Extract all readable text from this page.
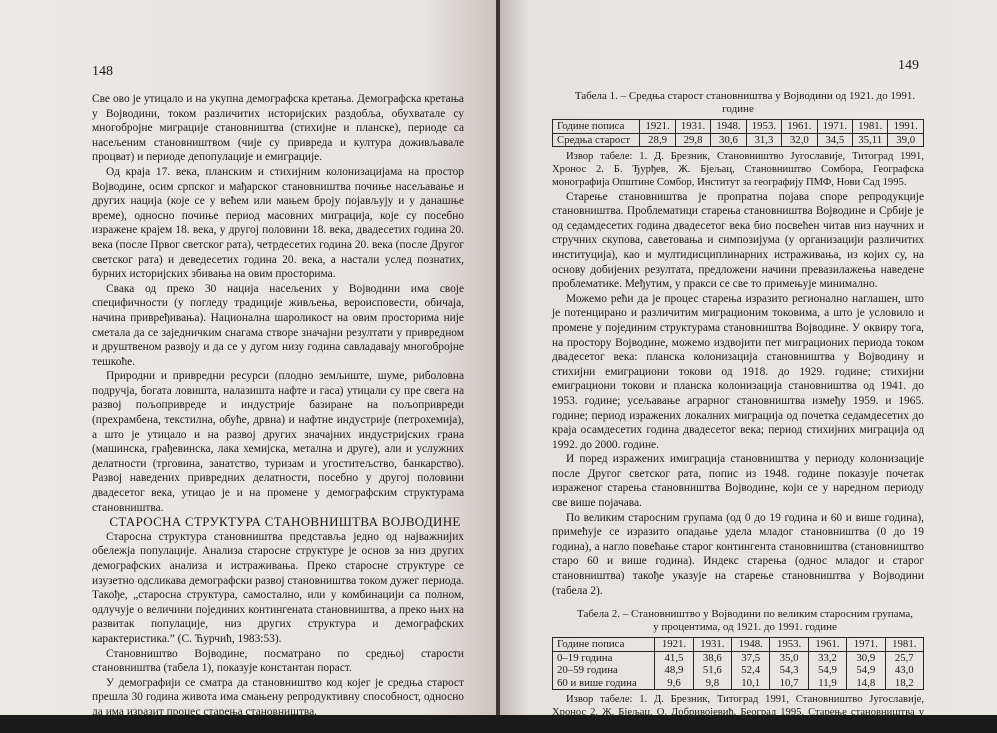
148

Све ово је утицало и на укупна демографска кретања. Демографска кретања у Војводини, током различитих историјских раздобља, обухватале су многобројне миграције становништва (стихијне и планске), периоде са насељеним становништвом (чије су привреда и култура доживљавале процват) и периоде депопулације и емиграције.

Од краја 17. века, планским и стихијним колонизацијама на простор Војводине, осим српског и мађарског становништва почиње насељавање и других нација (које се у већем или мањем броју појављују и у данашње време), односно почиње период масовних миграција, које су посебно изражене крајем 18. века, у другој половини 18. века, двадесетих година 20. века (после Првог светског рата), четрдесетих година 20. века (после Другог светског рата) и деведесетих година 20. века, а настали услед познатих, бурних историјских збивања на овим просторима.

Свака од преко 30 нација насељених у Војводини има своје специфичности (у погледу традиције живљења, вероисповести, обичаја, начина привређивања). Национална шароликост на овим просторима није сметала да се заједничким снагама створе значајни резултати у привредном и друштвеном развоју и да се у дугом низу година савладавају многобројне тешкоће.

Природни и привредни ресурси (плодно земљиште, шуме, риболовна подручја, богата ловишта, налазишта нафте и гаса) утицали су пре свега на развој пољопривреде и индустрије базиране на пољопривреди (прехрамбена, текстилна, обућe, дрвна) и нафтне индустрије (петрохемија), а што је утицало и на развој других значајних индустријских грана (машинска, грађевинска, лака хемијска, метална и друге), али и услужних делатности (трговина, занатство, туризам и угоститељство, банкарство). Развој наведених привредних делатности, посебно у другој половини двадесетог века, утицао је и на промене у демографским структурама становништва.

СТАРОСНА СТРУКТУРА СТАНОВНИШТВА ВОЈВОДИНЕ

Старосна структура становништва представља једно од најважнијих обележја популације. Анализа старосне структуре је основ за низ других демографских анализа и истраживања. Преко старосне структуре се изузетно одсликава демографски развој становништва током дужег периода. Такође, „старосна структура, самостално, или у комбинацији са полном, одлучује о величини појединих контингената становништва, а преко њих на развитак популације, низ других структура и демографских карактеристика.” (С. Ћурчић, 1983:53).

Становништво Војводине, посматрано по средњој старости становништва (табела 1), показује константан пораст.

У демографији се сматра да становништво код којег је средња старост прешла 30 година живота има смањену репродуктивну способност, односно да има изразит процес старења становништва.

149

Табела 1. – Средња старост становништва у Војводини од 1921. до 1991. године

Године пописа	1921.	1931.	1948.	1953.	1961.	1971.	1981.	1991.
Средња старост	28,9	29,8	30,6	31,3	32,0	34,5	35,11	39,0

Извор табеле: 1. Д. Брезник, Становништво Југославије, Титоград 1991, Хронос 2. Б. Ђурђев, Ж. Бјељац, Становништво Сомбора, Географска монографија Општине Сомбор, Институт за географију ПМФ, Нови Сад 1995.

Старење становништва је пропратна појава споре репродукције становништва. Проблематици старења становништва Војводине и Србије је од седамдесетих година двадесетог века био посвећен читав низ научних и стручних скупова, саветовања и симпозијума (у организацији различитих институција), као и мултидисциплинарних истраживања, из којих су, на основу добијених резултата, предложени начини превазилажења наведене проблематике. Међутим, у пракси се све то примењује минимално.

Можемо рећи да је процес старења изразито регионално наглашен, што је потенцирано и различитим миграционим токовима, а што је условило и промене у појединим структурама становништва Војводине. У оквиру тога, на простору Војводине, можемо издвојити пет миграционих периода током двадесетог века: планска колонизација становништва у Војводину и стихијни емиграциони токови од 1918. до 1929. године; стихијни емиграциони токови и планска колонизација становништва од 1941. до 1953. године; усељавање аграрног становништва између 1959. и 1965. године; период изражених локалних миграција од почетка седамдесетих до краја осамдесетих година двадесетог века; период стихијних миграција од 1992. до 2000. године.

И поред изражених имиграција становништва у периоду колонизације после Другог светског рата, попис из 1948. године показује почетак израженог старења становништва Војводине, који се у наредном периоду све више појачава.

По великим старосним групама (од 0 до 19 година и 60 и више година), примећује се изразито опадање удела младог становништва (0 до 19 година), а нагло повећање старог контингента становништва (становништво старо 60 и више година). Индекс старења (однос младог и старог становништва) такође указује на старење становништва у Војводини (табела 2).

Табела 2. – Становништво у Војводини по великим старосним групама,

у процентима, од 1921. до 1991. године

Године пописа	1921.	1931.	1948.	1953.	1961.	1971.	1981.
0–19 година	41,5	38,6	37,5	35,0	33,2	30,9	25,7
20–59 година	48,9	51,6	52,4	54,3	54,9	54,9	43,0
60 и више година	9,6	9,8	10,1	10,7	11,9	14,8	18,2

Извор табеле: 1. Д. Брезник, Титоград 1991, Становништво Југославије, Хронос 2. Ж. Бјељац, О. Добривојевић, Београд 1995, Старење становништва у општини Сомбор, Зборник радова Географског факултета у Београду
